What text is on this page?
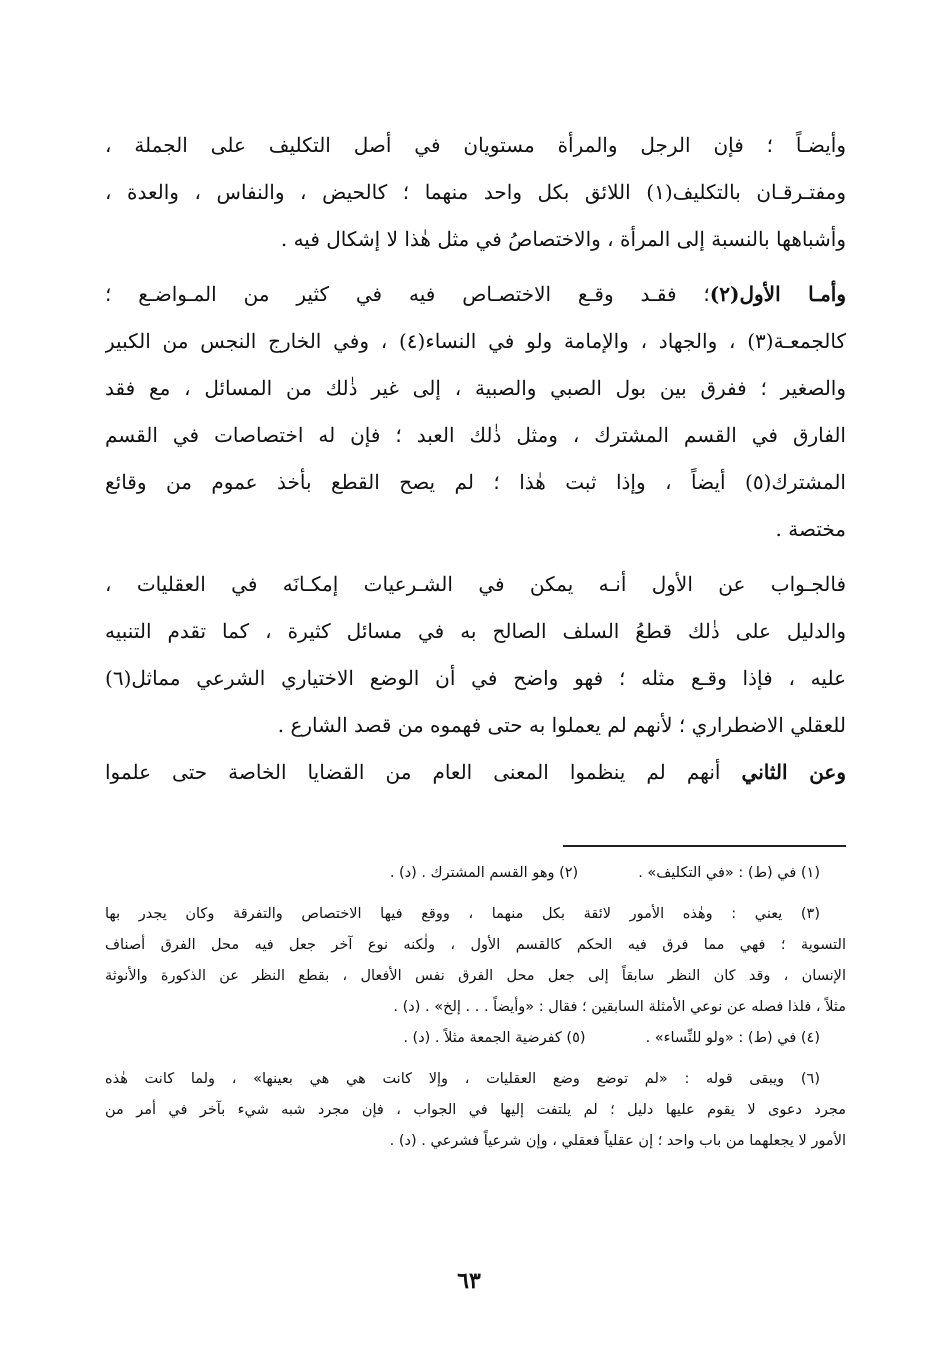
وأيضـاً ؛ فإن الرجل والمرأة مستويان في أصل التكليف على الجملة ،
ومفتـرقـان بالتكليف(١) اللائق بكل واحد منهما ؛ كالحيض ، والنفاس ، والعدة ،
وأشباهها بالنسبة إلى المرأة ، والاختصاصُ في مثل هٰذا لا إشكال فيه .
وأمـا الأول(٢)؛ فقـد وقـع الاختصـاص فيه في كثير من المـواضـع ؛
كالجمعـة(٣) ، والجهاد ، والإمامة ولو في النساء(٤) ، وفي الخارج النجس من الكبير
والصغير ؛ ففرق بين بول الصبي والصبية ، إلى غير ذٰلك من المسائل ، مع فقد
الفارق في القسم المشترك ، ومثل ذٰلك العبد ؛ فإن له اختصاصات في القسم
المشترك(٥) أيضاً ، وإذا ثبت هٰذا ؛ لم يصح القطع بأخذ عموم من وقائع
مختصة .
فالجـواب عن الأول أنـه يمكن في الشـرعيات إمكـانَه في العقليات ،
والدليل على ذٰلك قطعُ السلف الصالح به في مسائل كثيرة ، كما تقدم التنبيه
عليه ، فإذا وقـع مثله ؛ فهو واضح في أن الوضع الاختياري الشرعي مماثل(٦)
للعقلي الاضطراري ؛ لأنهم لم يعملوا به حتى فهموه من قصد الشارع .
وعن الثاني أنهم لم ينظموا المعنى العام من القضايا الخاصة حتى علموا
(١) في (ط) : «في التكليف» .(٢) وهو القسم المشترك . (د) .
(٣) يعني : وهٰذه الأمور لائقة بكل منهما ، ووقع فيها الاختصاص والتفرقة وكان يجدر بها
التسوية ؛ فهي مما فرق فيه الحكم كالقسم الأول ، ولٰكنه نوع آخر جعل فيه محل الفرق أصناف
الإنسان ، وقد كان النظر سابقاً إلى جعل محل الفرق نفس الأفعال ، بقطع النظر عن الذكورة والأنوثة
مثلاً ، فلذا فصله عن نوعي الأمثلة السابقين ؛ فقال : «وأيضاً . . . إلخ» . (د) .
(٤) في (ط) : «ولو للنِّساء» .(٥) كفرضية الجمعة مثلاً . (د) .
(٦) ويبقى قوله : «لم توضع وضع العقليات ، وإلا كانت هي هي بعينها» ، ولما كانت هٰذه
مجرد دعوى لا يقوم عليها دليل ؛ لم يلتفت إليها في الجواب ، فإن مجرد شبه شيء بآخر في أمر من
الأمور لا يجعلهما من باب واحد ؛ إن عقلياً فعقلي ، وإن شرعياً فشرعي . (د) .
٦٣
